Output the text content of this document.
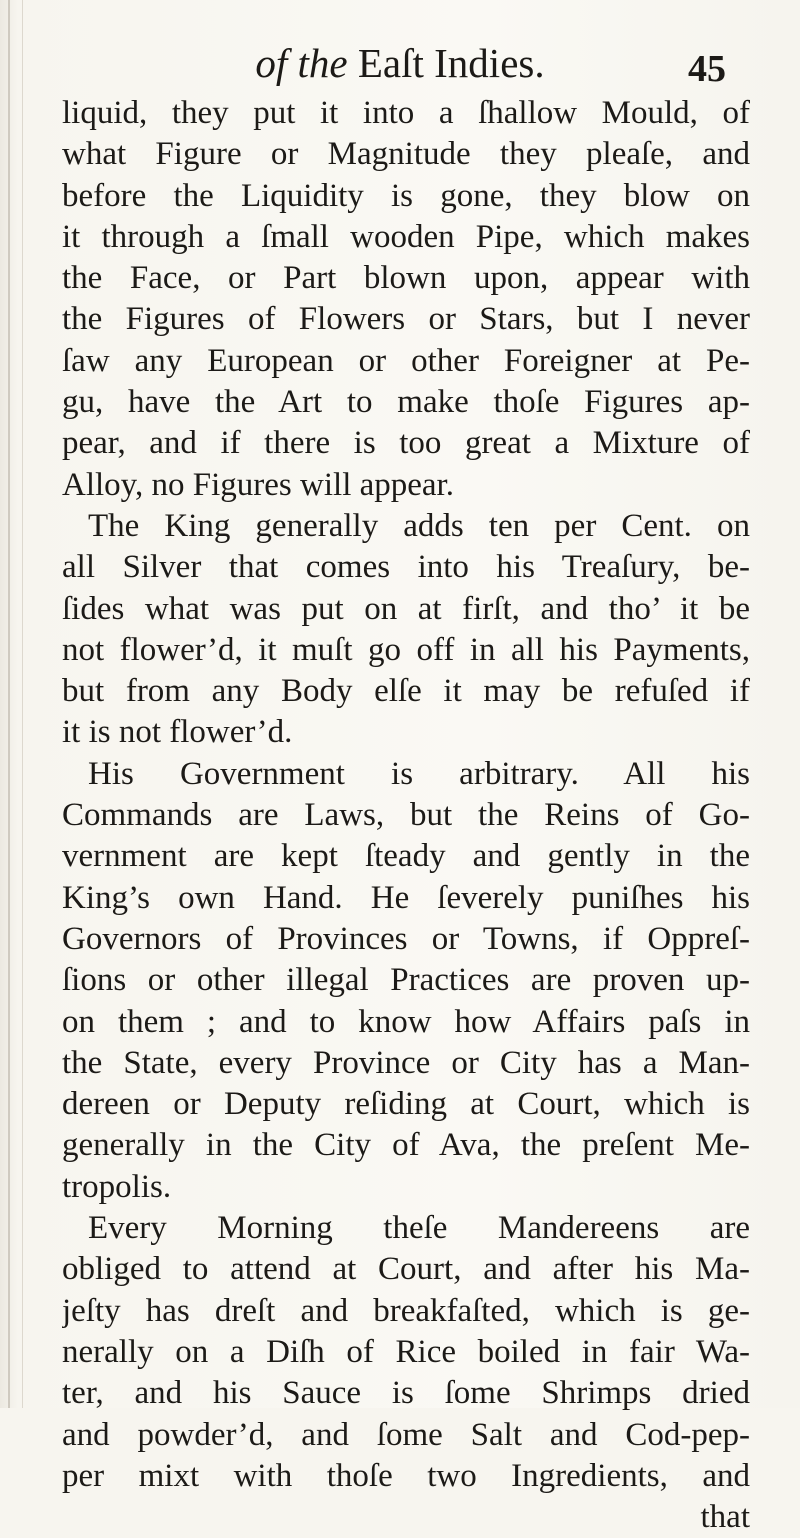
of the Eaſt Indies.	45
liquid, they put it into a ſhallow Mould, of
what Figure or Magnitude they pleaſe, and
before the Liquidity is gone, they blow on
it through a ſmall wooden Pipe, which makes
the Face, or Part blown upon, appear with
the Figures of Flowers or Stars, but I never
ſaw any European or other Foreigner at Pe-
gu, have the Art to make thoſe Figures ap-
pear, and if there is too great a Mixture of
Alloy, no Figures will appear.
The King generally adds ten per Cent. on
all Silver that comes into his Treaſury, be-
ſides what was put on at firſt, and tho’ it be
not flower’d, it muſt go off in all his Payments,
but from any Body elſe it may be refuſed if
it is not flower’d.
His Government is arbitrary. All his
Commands are Laws, but the Reins of Go-
vernment are kept ſteady and gently in the
King’s own Hand. He ſeverely puniſhes his
Governors of Provinces or Towns, if Oppreſ-
ſions or other illegal Practices are proven up-
on them ; and to know how Affairs paſs in
the State, every Province or City has a Man-
dereen or Deputy reſiding at Court, which is
generally in the City of Ava, the preſent Me-
tropolis.
Every Morning theſe Mandereens are
obliged to attend at Court, and after his Ma-
jeſty has dreſt and breakfaſted, which is ge-
nerally on a Diſh of Rice boiled in fair Wa-
ter, and his Sauce is ſome Shrimps dried
and powder’d, and ſome Salt and Cod-pep-
per mixt with thoſe two Ingredients, and
that
